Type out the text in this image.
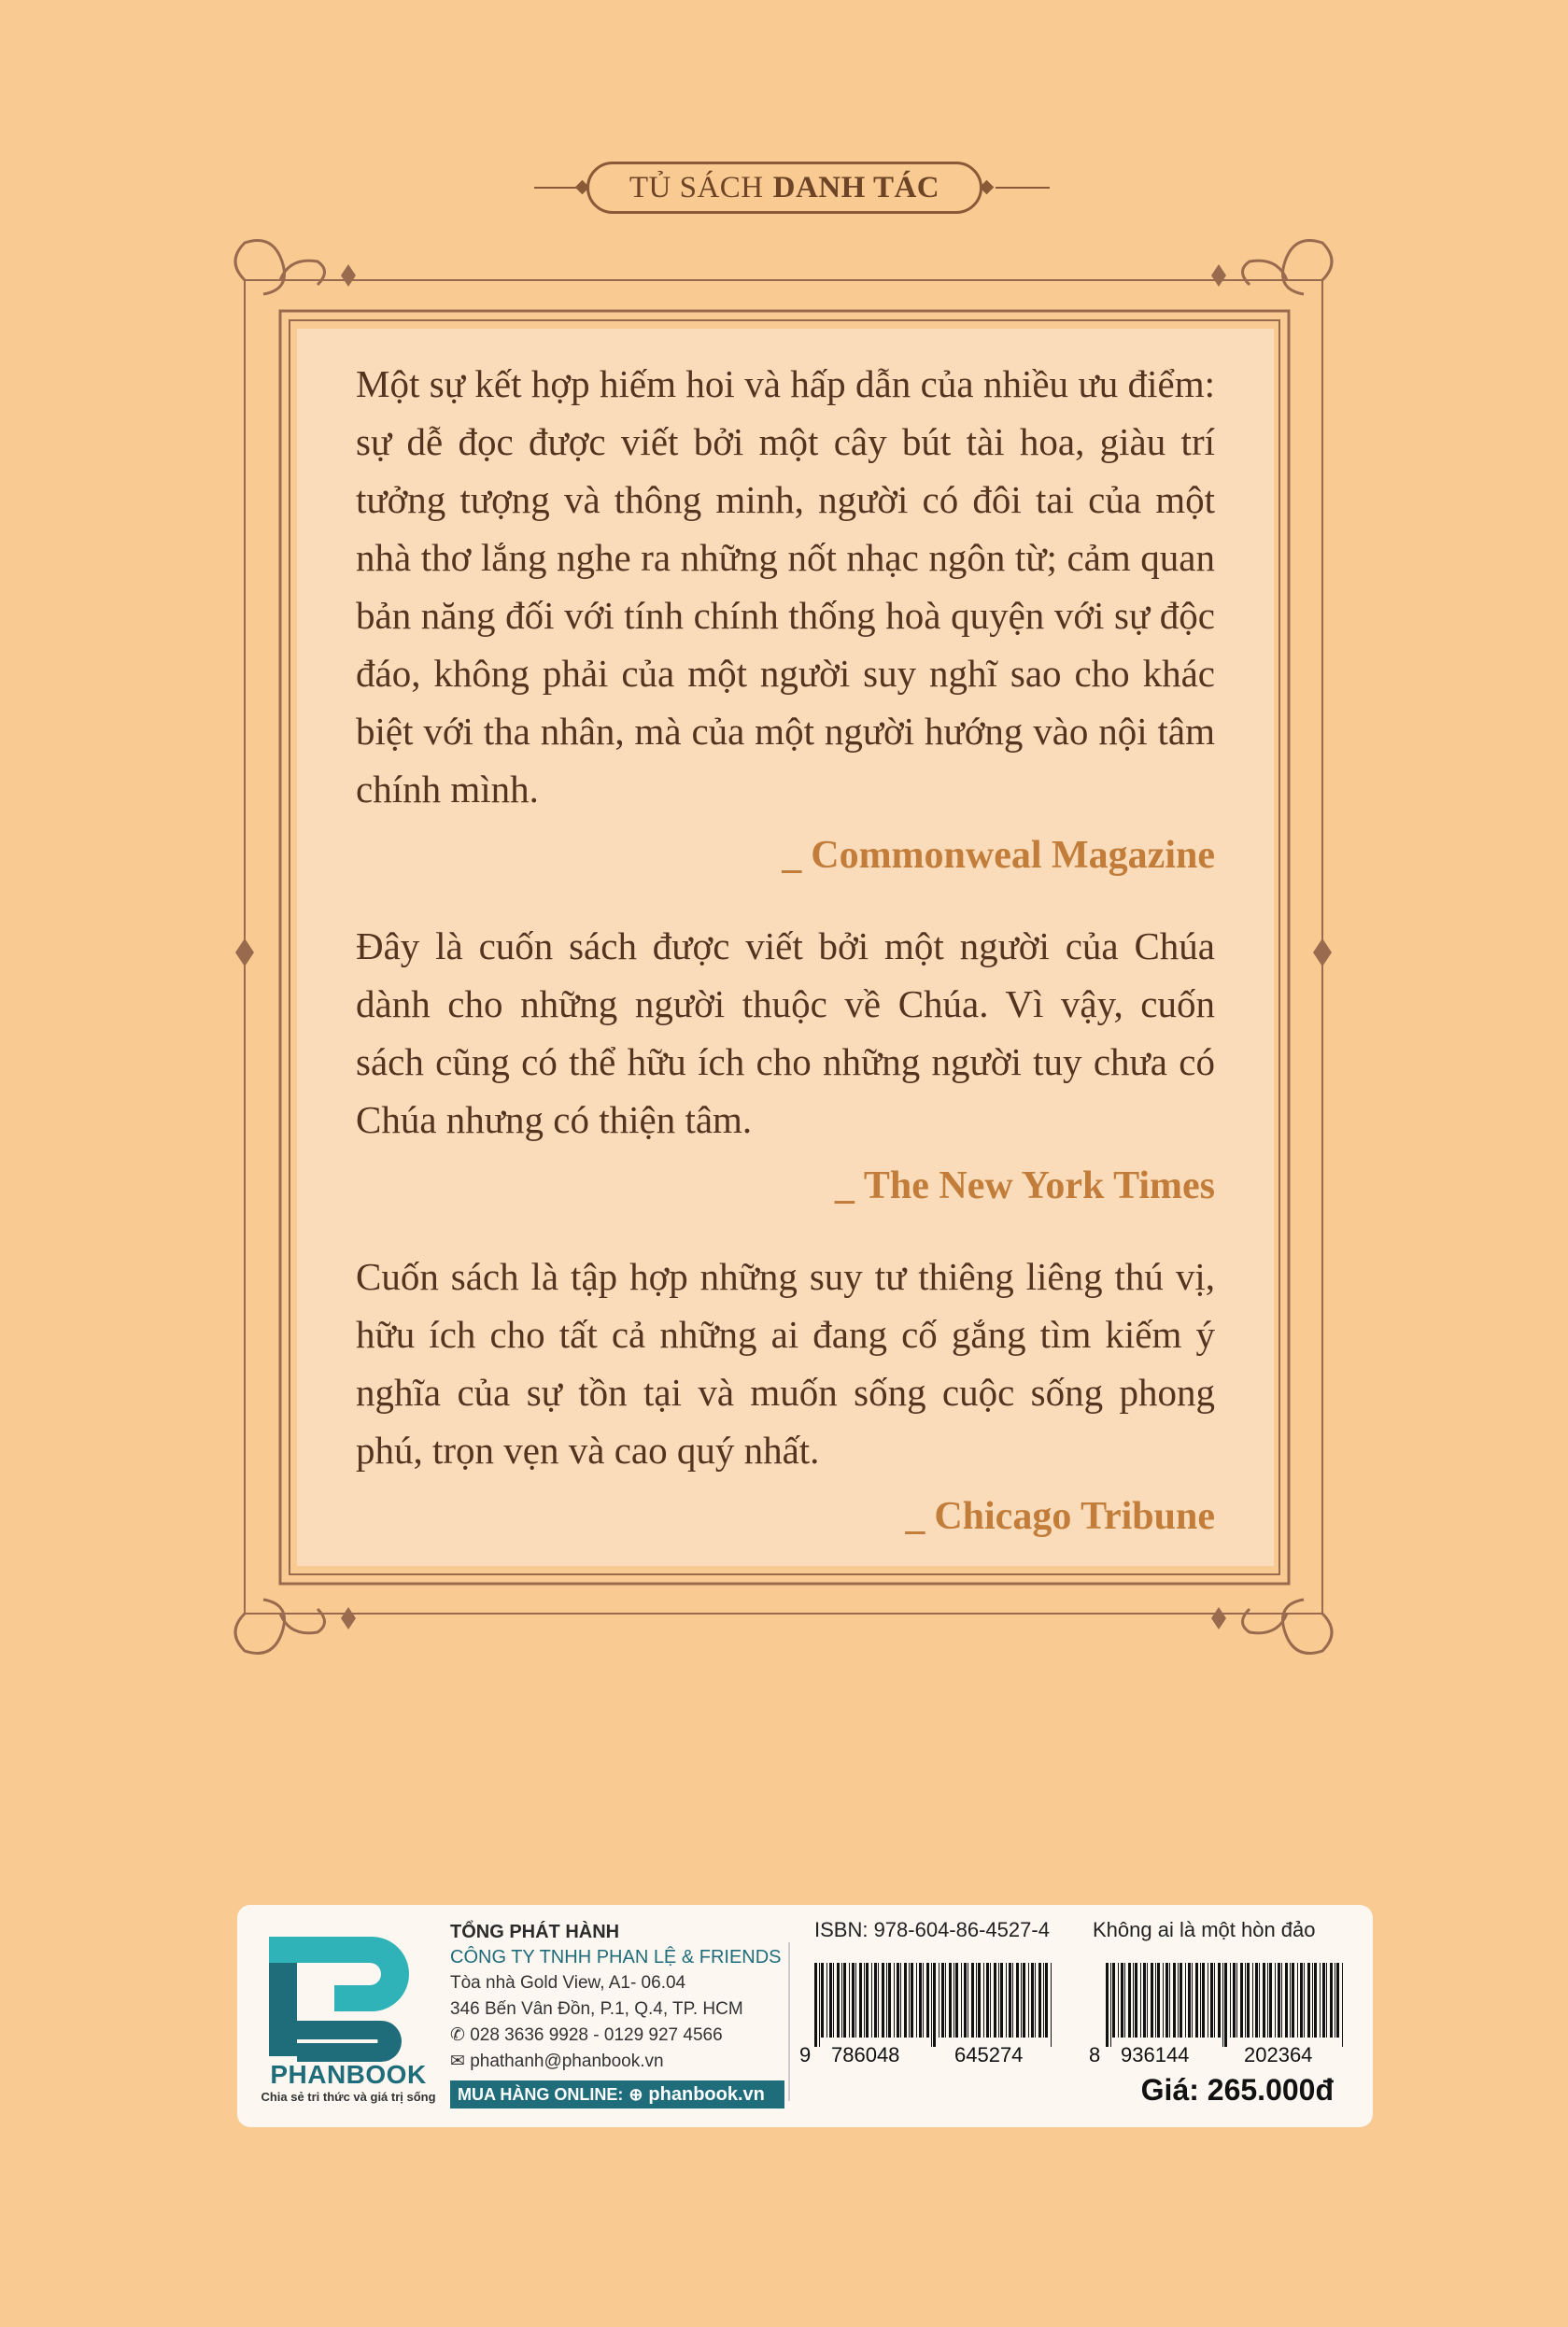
TỦ SÁCH DANH TÁC

Một sự kết hợp hiếm hoi và hấp dẫn của nhiều ưu điểm: sự dễ đọc được viết bởi một cây bút tài hoa, giàu trí tưởng tượng và thông minh, người có đôi tai của một nhà thơ lắng nghe ra những nốt nhạc ngôn từ; cảm quan bản năng đối với tính chính thống hoà quyện với sự độc đáo, không phải của một người suy nghĩ sao cho khác biệt với tha nhân, mà của một người hướng vào nội tâm chính mình.

_ Commonweal Magazine

Đây là cuốn sách được viết bởi một người của Chúa dành cho những người thuộc về Chúa. Vì vậy, cuốn sách cũng có thể hữu ích cho những người tuy chưa có Chúa nhưng có thiện tâm.

_ The New York Times

Cuốn sách là tập hợp những suy tư thiêng liêng thú vị, hữu ích cho tất cả những ai đang cố gắng tìm kiếm ý nghĩa của sự tồn tại và muốn sống cuộc sống phong phú, trọn vẹn và cao quý nhất.

_ Chicago Tribune

PHANBOOK
Chia sẻ tri thức và giá trị sống
TỔNG PHÁT HÀNH
CÔNG TY TNHH PHAN LỆ & FRIENDS
Tòa nhà Gold View, A1- 06.04
346 Bến Vân Đồn, P.1, Q.4, TP. HCM
✆ 028 3636 9928 - 0129 927 4566
✉ phathanh@phanbook.vn
MUA HÀNG ONLINE: ⊕ phanbook.vn
ISBN: 978-604-86-4527-4 Không ai là một hòn đảo
9 786048	645274	8 936144	202364
Giá: 265.000đ
